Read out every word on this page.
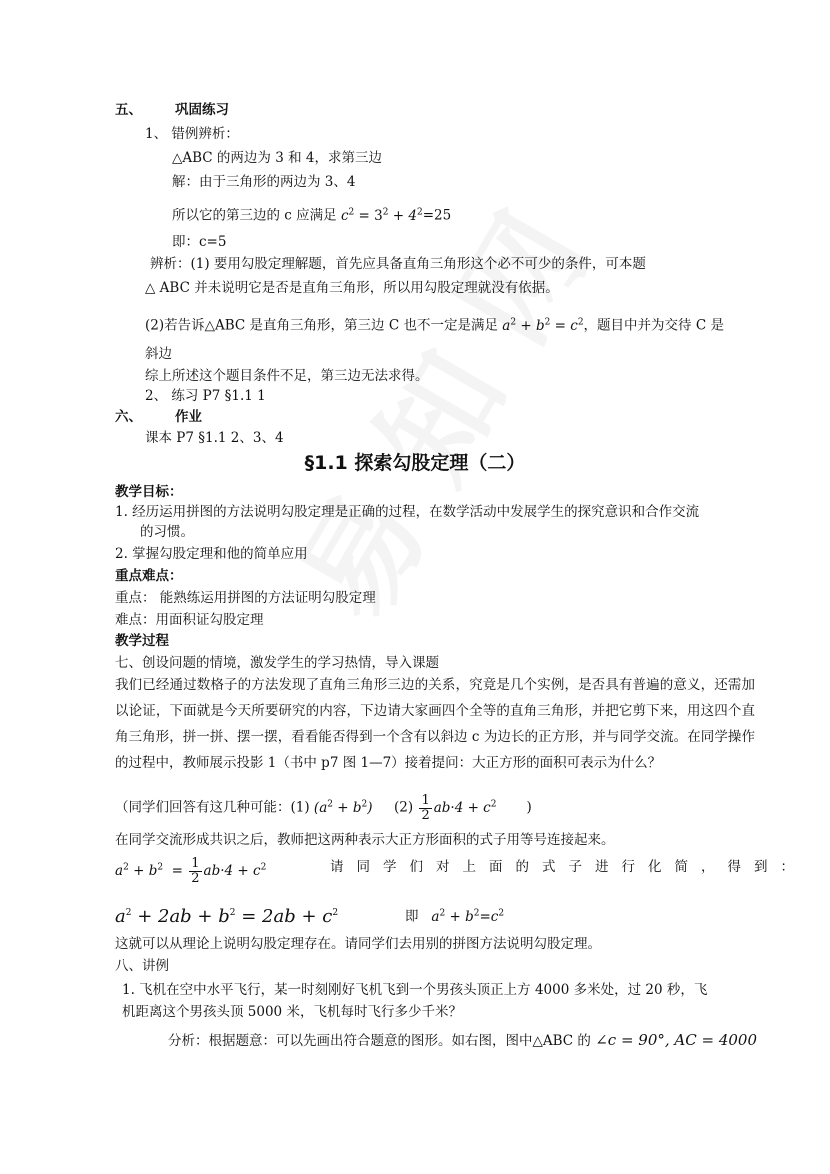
五、 巩固练习
1、 错例辨析：
△ABC 的两边为 3 和 4，求第三边
解：由于三角形的两边为 3、4
所以它的第三边的 c 应满足 $c^2 = 3^2 + 4^2=25$
即：c=5
辨析：(1) 要用勾股定理解题，首先应具备直角三角形这个必不可少的条件，可本题
△ ABC 并未说明它是否是直角三角形，所以用勾股定理就没有依据。
(2)若告诉△ABC 是直角三角形，第三边 C 也不一定是满足 $a^2 + b^2 = c^2$，题目中并为交待 C 是
斜边
综上所述这个题目条件不足，第三边无法求得。
2、 练习 P7 §1.1 1
六、 作业
课本 P7 §1.1 2、3、4
§1.1 探索勾股定理（二）
教学目标：
1. 经历运用拼图的方法说明勾股定理是正确的过程，在数学活动中发展学生的探究意识和合作交流
的习惯。
2. 掌握勾股定理和他的简单应用
重点难点：
重点： 能熟练运用拼图的方法证明勾股定理
难点：用面积证勾股定理
教学过程
七、创设问题的情境，激发学生的学习热情，导入课题
我们已经通过数格子的方法发现了直角三角形三边的关系，究竟是几个实例，是否具有普遍的意义，还需加以论证，下面就是今天所要研究的内容，下边请大家画四个全等的直角三角形，并把它剪下来，用这四个直角三角形，拼一拼、摆一摆，看看能否得到一个含有以斜边 c 为边长的正方形，并与同学交流。在同学操作的过程中，教师展示投影 1（书中 p7 图 1—7）接着提问：大正方形的面积可表示为什么？
（同学们回答有这几种可能：(1) $(a^2 + b^2)$ $(2) \frac{1}{2} ab\cdot 4 + c^2$ )
在同学交流形成共识之后，教师把这两种表示大正方形面积的式子用等号连接起来。
$a^2 + b^2 = \frac{1}{2} ab\cdot 4 + c^2$	请同学们对上面的式子进行化简，得到：
$a^2 + 2ab + b^2 = 2ab + c^2$	即 $a^2 + b^2=c^2$
这就可以从理论上说明勾股定理存在。请同学们去用别的拼图方法说明勾股定理。
八、讲例
1. 飞机在空中水平飞行，某一时刻刚好飞机飞到一个男孩头顶正上方 4000 多米处，过 20 秒，飞
机距离这个男孩头顶 5000 米，飞机每时飞行多少千米？
分析：根据题意：可以先画出符合题意的图形。如右图，图中△ABC 的 ∠c = 90°, AC = 4000
